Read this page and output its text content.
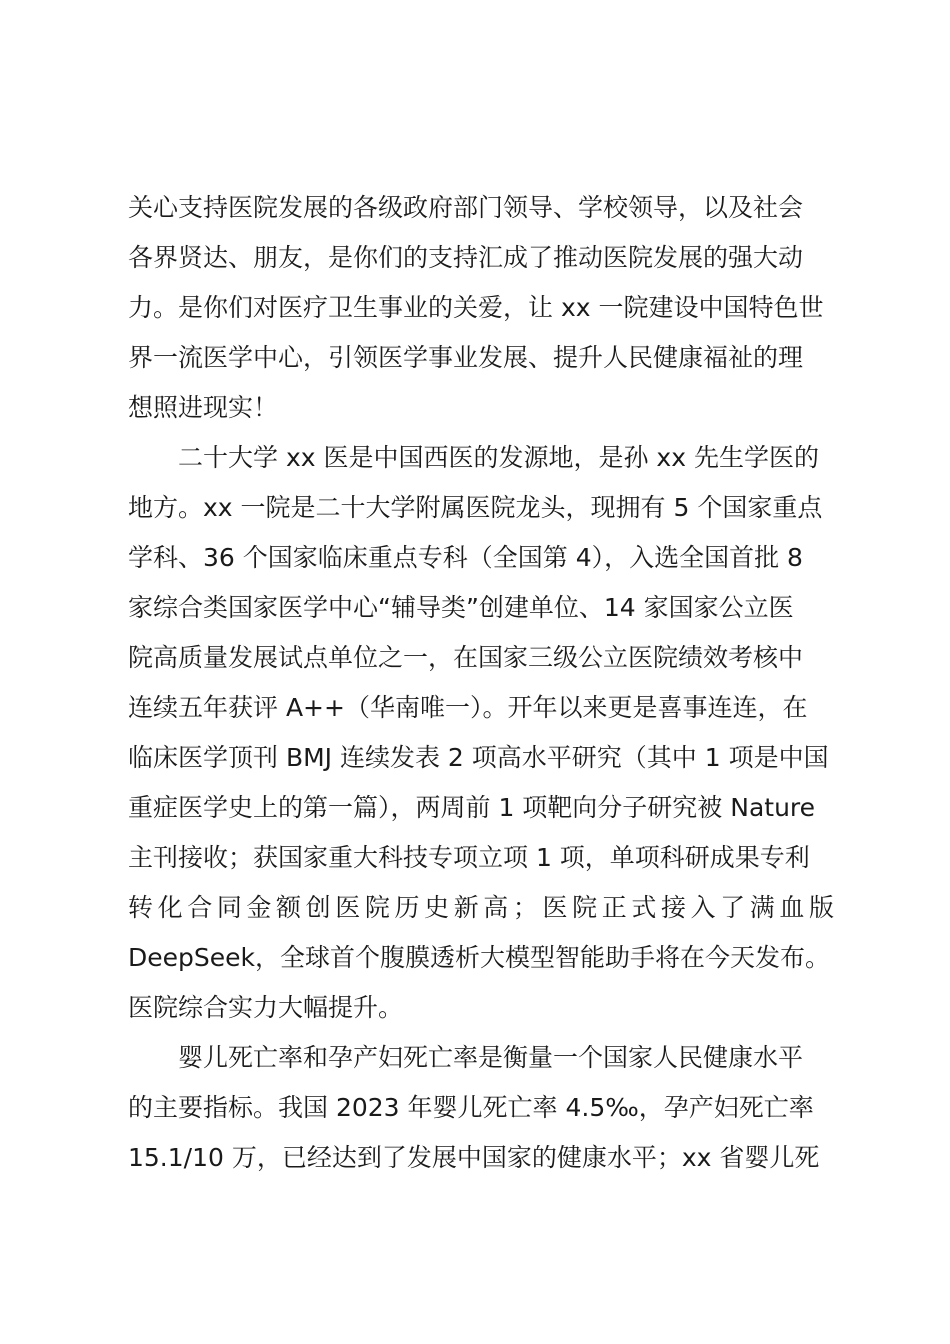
关心支持医院发展的各级政府部门领导、学校领导，以及社会
各界贤达、朋友，是你们的支持汇成了推动医院发展的强大动
力。是你们对医疗卫生事业的关爱，让 xx 一院建设中国特色世
界一流医学中心，引领医学事业发展、提升人民健康福祉的理
想照进现实！
　　二十大学 xx 医是中国西医的发源地，是孙 xx 先生学医的
地方。xx 一院是二十大学附属医院龙头，现拥有 5 个国家重点
学科、36 个国家临床重点专科（全国第 4），入选全国首批 8
家综合类国家医学中心“辅导类”创建单位、14 家国家公立医
院高质量发展试点单位之一，在国家三级公立医院绩效考核中
连续五年获评 A++（华南唯一）。开年以来更是喜事连连，在
临床医学顶刊 BMJ 连续发表 2 项高水平研究（其中 1 项是中国
重症医学史上的第一篇），两周前 1 项靶向分子研究被 Nature
主刊接收；获国家重大科技专项立项 1 项，单项科研成果专利
转化合同金额创医院历史新高；医院正式接入了满血版
DeepSeek，全球首个腹膜透析大模型智能助手将在今天发布。
医院综合实力大幅提升。
　　婴儿死亡率和孕产妇死亡率是衡量一个国家人民健康水平
的主要指标。我国 2023 年婴儿死亡率 4.5‰，孕产妇死亡率
15.1/10 万，已经达到了发展中国家的健康水平；xx 省婴儿死
